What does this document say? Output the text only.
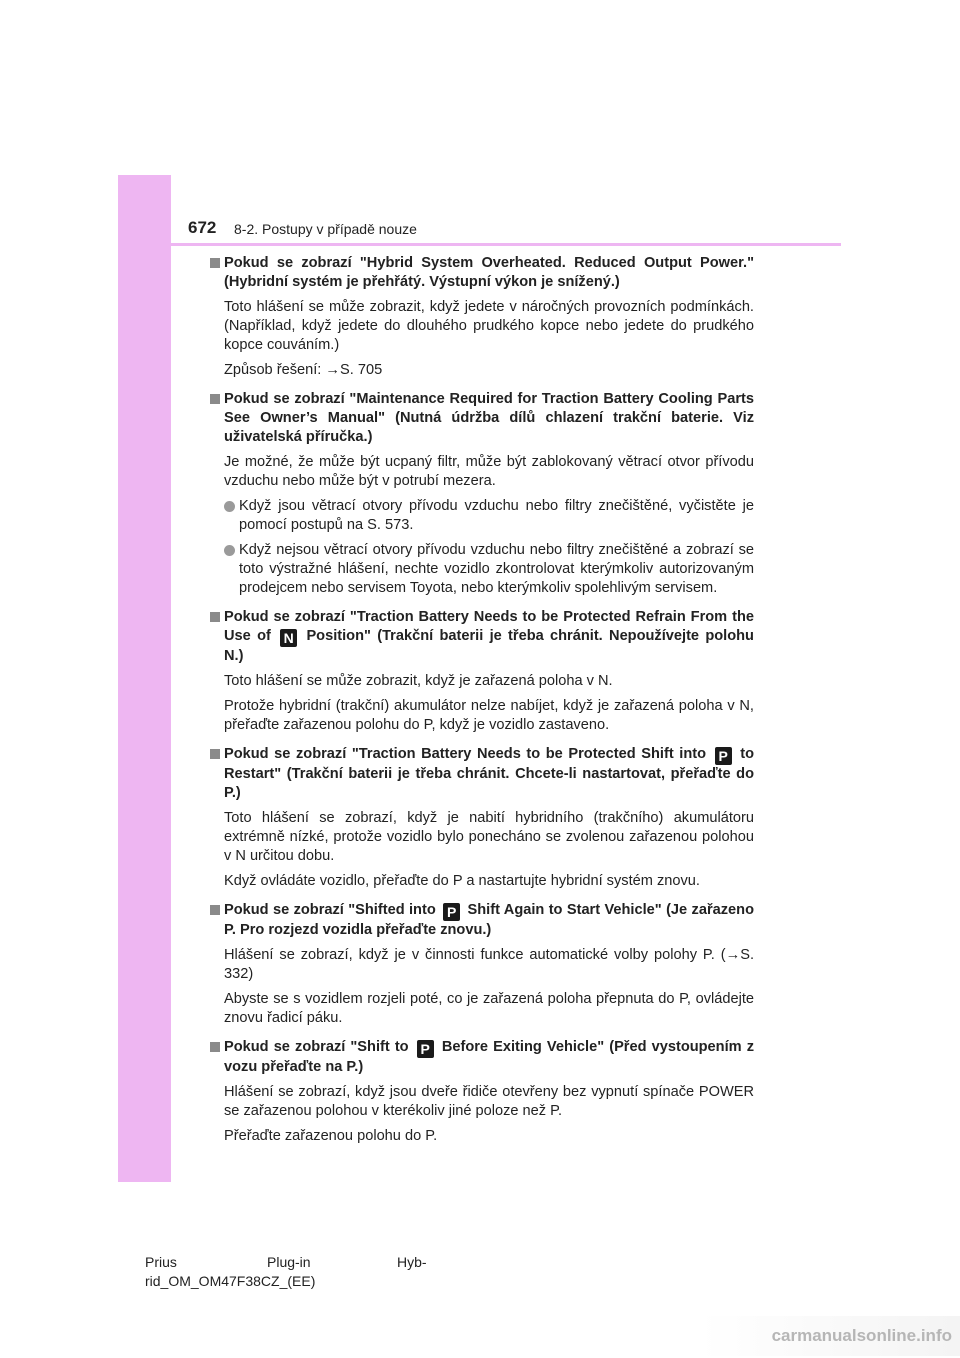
672 8-2. Postupy v případě nouze
Pokud se zobrazí "Hybrid System Overheated. Reduced Output Power." (Hybridní systém je přehřátý. Výstupní výkon je snížený.)
Toto hlášení se může zobrazit, když jedete v náročných provozních podmínkách. (Například, když jedete do dlouhého prudkého kopce nebo jedete do prudkého kopce couváním.)
Způsob řešení: →S. 705
Pokud se zobrazí "Maintenance Required for Traction Battery Cooling Parts See Owner’s Manual" (Nutná údržba dílů chlazení trakční baterie. Viz uživatelská příručka.)
Je možné, že může být ucpaný filtr, může být zablokovaný větrací otvor přívodu vzduchu nebo může být v potrubí mezera.
Když jsou větrací otvory přívodu vzduchu nebo filtry znečištěné, vyčistěte je pomocí postupů na S. 573.
Když nejsou větrací otvory přívodu vzduchu nebo filtry znečištěné a zobrazí se toto výstražné hlášení, nechte vozidlo zkontrolovat kterýmkoliv autorizovaným prodejcem nebo servisem Toyota, nebo kterýmkoliv spolehlivým servisem.
Pokud se zobrazí "Traction Battery Needs to be Protected Refrain From the Use of N Position" (Trakční baterii je třeba chránit. Nepoužívejte polohu N.)
Toto hlášení se může zobrazit, když je zařazená poloha v N.
Protože hybridní (trakční) akumulátor nelze nabíjet, když je zařazená poloha v N, přeřaďte zařazenou polohu do P, když je vozidlo zastaveno.
Pokud se zobrazí "Traction Battery Needs to be Protected Shift into P to Restart" (Trakční baterii je třeba chránit. Chcete-li nastartovat, přeřaďte do P.)
Toto hlášení se zobrazí, když je nabití hybridního (trakčního) akumulátoru extrémně nízké, protože vozidlo bylo ponecháno se zvolenou zařazenou polohou v N určitou dobu.
Když ovládáte vozidlo, přeřaďte do P a nastartujte hybridní systém znovu.
Pokud se zobrazí "Shifted into P Shift Again to Start Vehicle" (Je zařazeno P. Pro rozjezd vozidla přeřaďte znovu.)
Hlášení se zobrazí, když je v činnosti funkce automatické volby polohy P. (→S. 332)
Abyste se s vozidlem rozjeli poté, co je zařazená poloha přepnuta do P, ovládejte znovu řadicí páku.
Pokud se zobrazí "Shift to P Before Exiting Vehicle" (Před vystoupením z vozu přeřaďte na P.)
Hlášení se zobrazí, když jsou dveře řidiče otevřeny bez vypnutí spínače POWER se zařazenou polohou v kterékoliv jiné poloze než P.
Přeřaďte zařazenou polohu do P.
Prius	Plug-in	Hyb-
rid_OM_OM47F38CZ_(EE)
carmanualsonline.info
